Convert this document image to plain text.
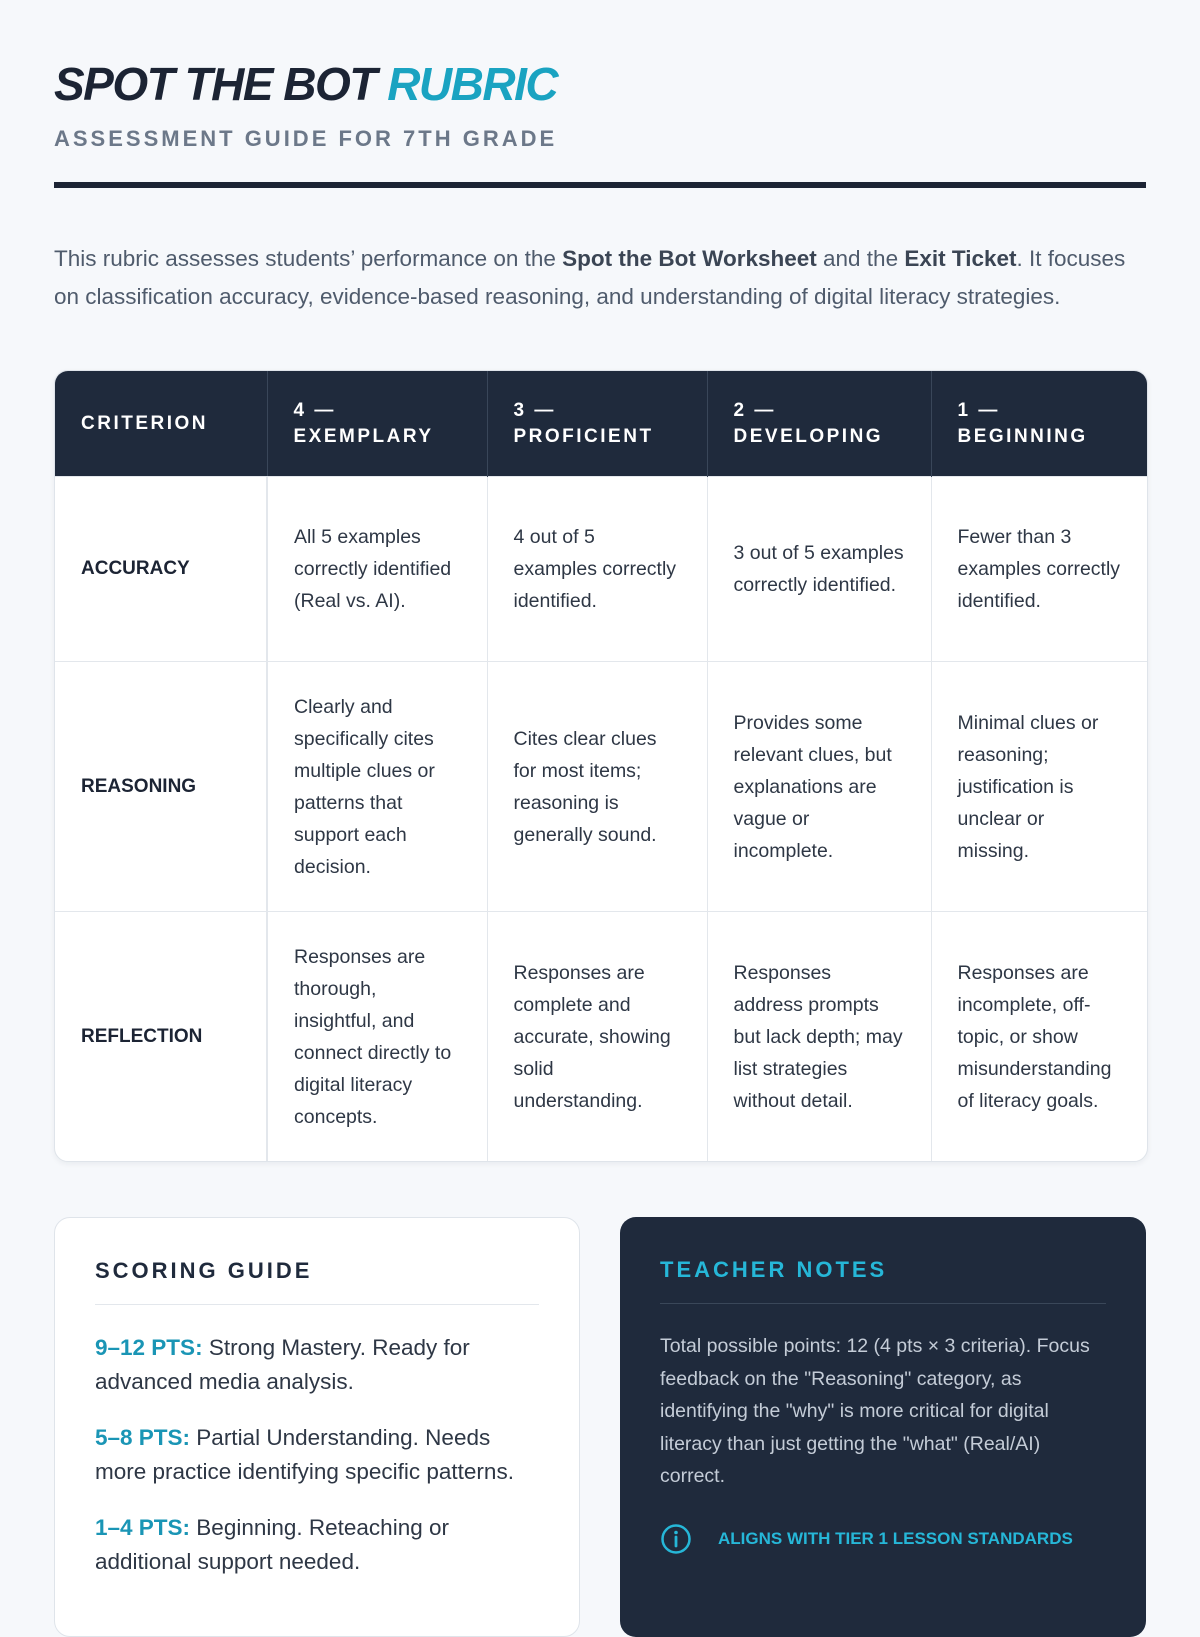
SPOT THE BOT RUBRIC
ASSESSMENT GUIDE FOR 7TH GRADE

This rubric assesses students’ performance on the Spot the Bot Worksheet and the Exit Ticket. It focuses on classification accuracy, evidence-based reasoning, and understanding of digital literacy strategies.

CRITERION	4 — EXEMPLARY	3 — PROFICIENT	2 — DEVELOPING	1 — BEGINNING
ACCURACY	All 5 examples correctly identified (Real vs. AI).	4 out of 5 examples correctly identified.	3 out of 5 examples correctly identified.	Fewer than 3 examples correctly identified.
REASONING	Clearly and specifically cites multiple clues or patterns that support each decision.	Cites clear clues for most items; reasoning is generally sound.	Provides some relevant clues, but explanations are vague or incomplete.	Minimal clues or reasoning; justification is unclear or missing.
REFLECTION	Responses are thorough, insightful, and connect directly to digital literacy concepts.	Responses are complete and accurate, showing solid understanding.	Responses address prompts but lack depth; may list strategies without detail.	Responses are incomplete, off-topic, or show misunderstanding of literacy goals.
SCORING GUIDE
9–12 PTS: Strong Mastery. Ready for advanced media analysis.
5–8 PTS: Partial Understanding. Needs more practice identifying specific patterns.
1–4 PTS: Beginning. Reteaching or additional support needed.
TEACHER NOTES
Total possible points: 12 (4 pts × 3 criteria). Focus feedback on the "Reasoning" category, as identifying the "why" is more critical for digital literacy than just getting the "what" (Real/AI) correct.
ALIGNS WITH TIER 1 LESSON STANDARDS
